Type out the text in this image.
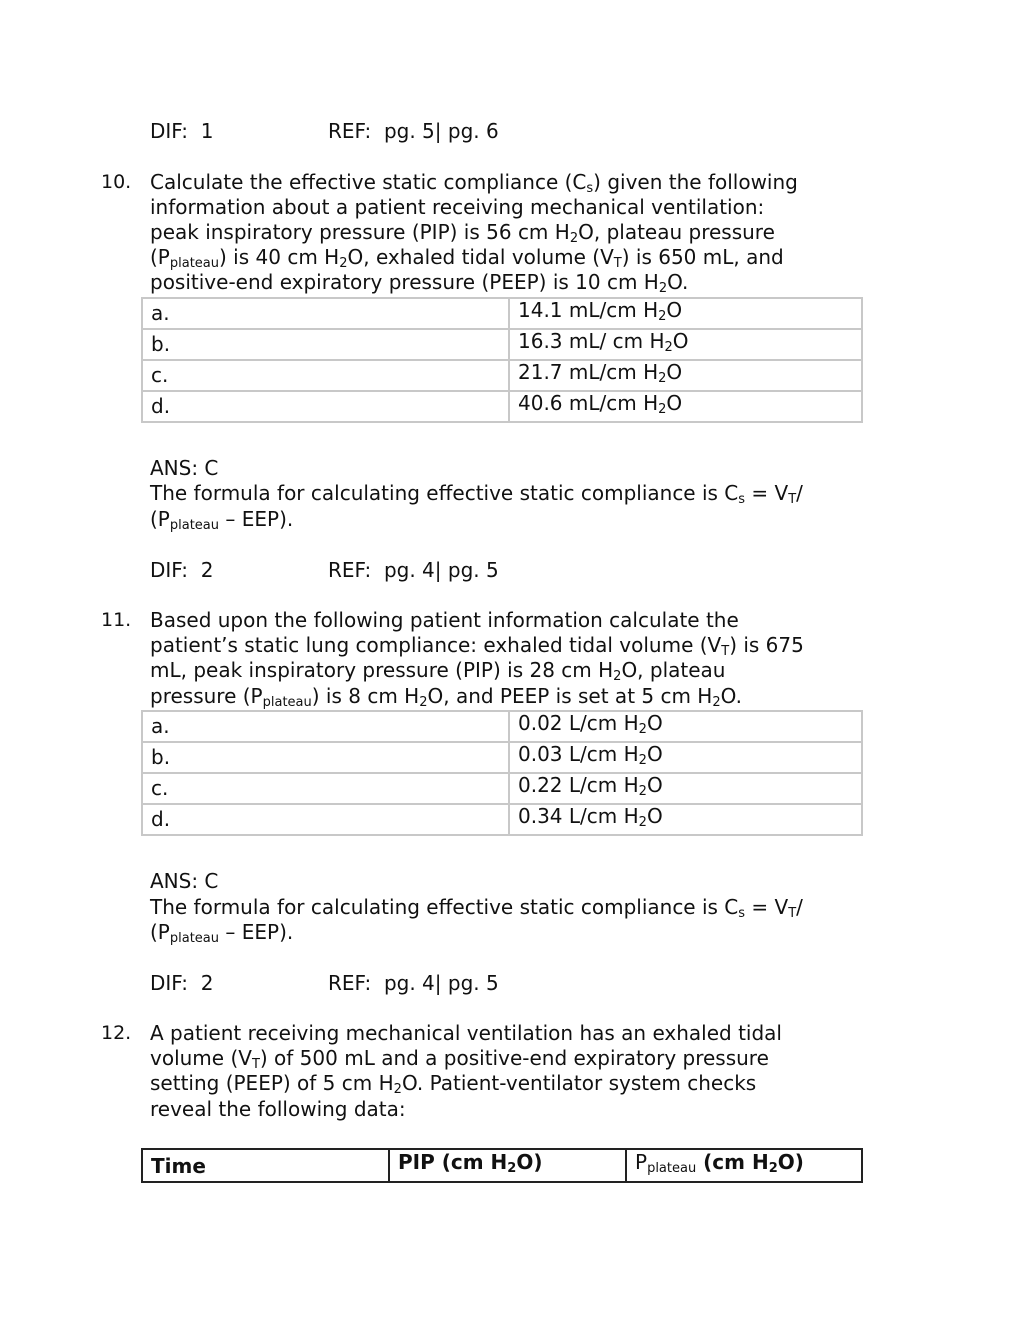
DIF: 1	REF: pg. 5| pg. 6
10. Calculate the effective static compliance $(C_s)$ given the following
information about a patient receiving mechanical ventilation:
peak inspiratory pressure (PIP) is 56 cm $H_2O$, plateau pressure
$(P_{plateau})$ is 40 cm $H_2O$, exhaled tidal volume $(V_T)$ is 650 mL, and
positive-end expiratory pressure (PEEP) is 10 cm $H_2O$.
a.	14.1 mL/cm H2O
b.	16.3 mL/ cm H2O
c.	21.7 mL/cm H2O
d.	40.6 mL/cm H2O
ANS: C
The formula for calculating effective static compliance is $C_s = V_T/$
$(P_{plateau} - EEP)$.
DIF: 2	REF: pg. 4| pg. 5
11. Based upon the following patient information calculate the
patient’s static lung compliance: exhaled tidal volume $(V_T)$ is 675
mL, peak inspiratory pressure (PIP) is 28 cm $H_2O$, plateau
pressure $(P_{plateau})$ is 8 cm $H_2O$, and PEEP is set at 5 cm $H_2O$.
a.	0.02 L/cm H2O
b.	0.03 L/cm H2O
c.	0.22 L/cm H2O
d.	0.34 L/cm H2O
ANS: C
The formula for calculating effective static compliance is $C_s = V_T/$
$(P_{plateau} - EEP)$.
DIF: 2	REF: pg. 4| pg. 5
12. A patient receiving mechanical ventilation has an exhaled tidal
volume $(V_T)$ of 500 mL and a positive-end expiratory pressure
setting (PEEP) of 5 cm $H_2O$. Patient-ventilator system checks
reveal the following data:
Time	PIP (cm H2O)	$P_{plateau}$ (cm H2O)
